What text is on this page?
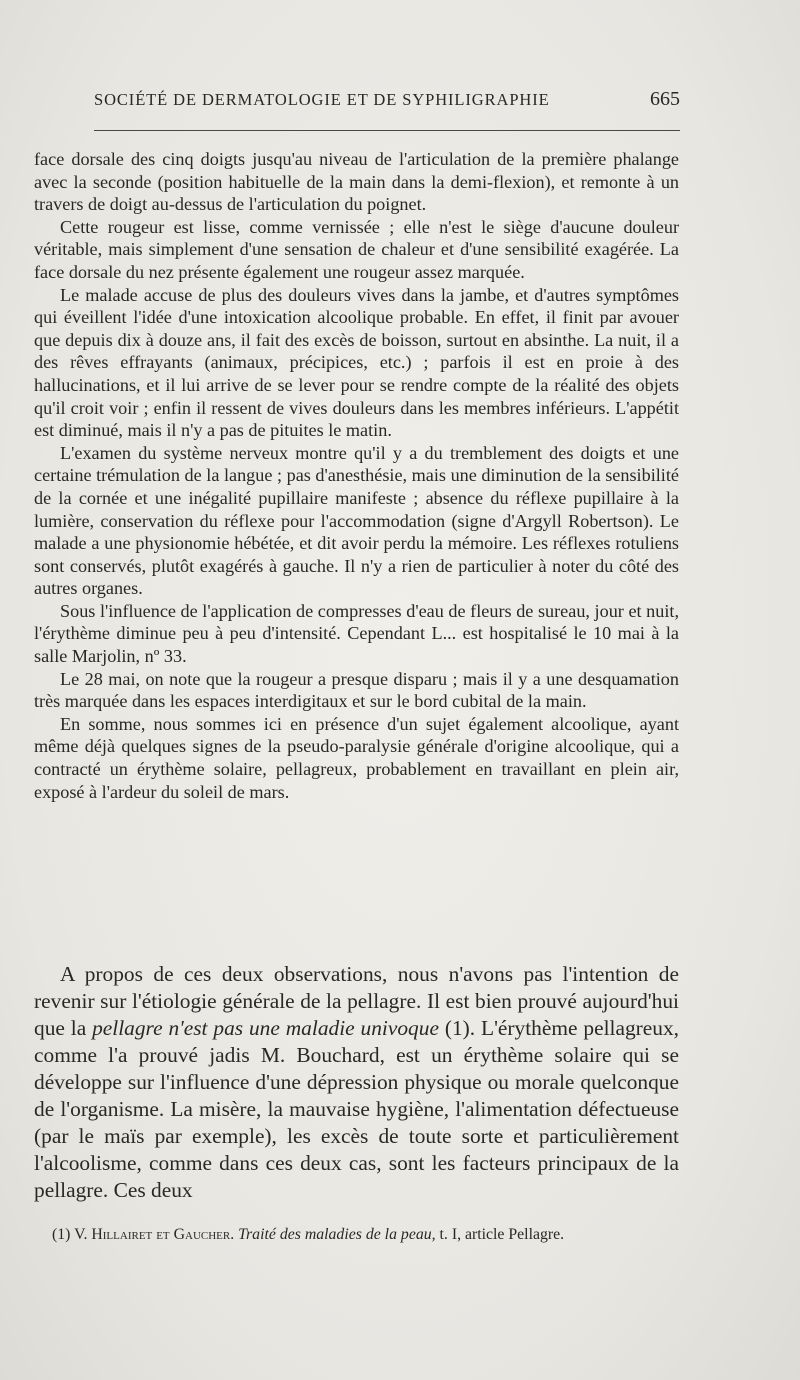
SOCIÉTÉ DE DERMATOLOGIE ET DE SYPHILIGRAPHIE	665

face dorsale des cinq doigts jusqu'au niveau de l'articulation de la première phalange avec la seconde (position habituelle de la main dans la demi-flexion), et remonte à un travers de doigt au-dessus de l'articulation du poignet.

Cette rougeur est lisse, comme vernissée ; elle n'est le siège d'aucune douleur véritable, mais simplement d'une sensation de chaleur et d'une sensibilité exagérée. La face dorsale du nez présente également une rougeur assez marquée.

Le malade accuse de plus des douleurs vives dans la jambe, et d'autres symptômes qui éveillent l'idée d'une intoxication alcoolique probable. En effet, il finit par avouer que depuis dix à douze ans, il fait des excès de boisson, surtout en absinthe. La nuit, il a des rêves effrayants (animaux, précipices, etc.) ; parfois il est en proie à des hallucinations, et il lui arrive de se lever pour se rendre compte de la réalité des objets qu'il croit voir ; enfin il ressent de vives douleurs dans les membres inférieurs. L'appétit est diminué, mais il n'y a pas de pituites le matin.

L'examen du système nerveux montre qu'il y a du tremblement des doigts et une certaine trémulation de la langue ; pas d'anesthésie, mais une diminution de la sensibilité de la cornée et une inégalité pupillaire manifeste ; absence du réflexe pupillaire à la lumière, conservation du réflexe pour l'accommodation (signe d'Argyll Robertson). Le malade a une physionomie hébétée, et dit avoir perdu la mémoire. Les réflexes rotuliens sont conservés, plutôt exagérés à gauche. Il n'y a rien de particulier à noter du côté des autres organes.

Sous l'influence de l'application de compresses d'eau de fleurs de sureau, jour et nuit, l'érythème diminue peu à peu d'intensité. Cependant L... est hospitalisé le 10 mai à la salle Marjolin, nº 33.

Le 28 mai, on note que la rougeur a presque disparu ; mais il y a une desquamation très marquée dans les espaces interdigitaux et sur le bord cubital de la main.

En somme, nous sommes ici en présence d'un sujet également alcoolique, ayant même déjà quelques signes de la pseudo-paralysie générale d'origine alcoolique, qui a contracté un érythème solaire, pellagreux, probablement en travaillant en plein air, exposé à l'ardeur du soleil de mars.

A propos de ces deux observations, nous n'avons pas l'intention de revenir sur l'étiologie générale de la pellagre. Il est bien prouvé aujourd'hui que la pellagre n'est pas une maladie univoque (1). L'érythème pellagreux, comme l'a prouvé jadis M. Bouchard, est un érythème solaire qui se développe sur l'influence d'une dépression physique ou morale quelconque de l'organisme. La misère, la mauvaise hygiène, l'alimentation défectueuse (par le maïs par exemple), les excès de toute sorte et particulièrement l'alcoolisme, comme dans ces deux cas, sont les facteurs principaux de la pellagre. Ces deux

(1) V. Hillairet et Gaucher. Traité des maladies de la peau, t. I, article Pellagre.
